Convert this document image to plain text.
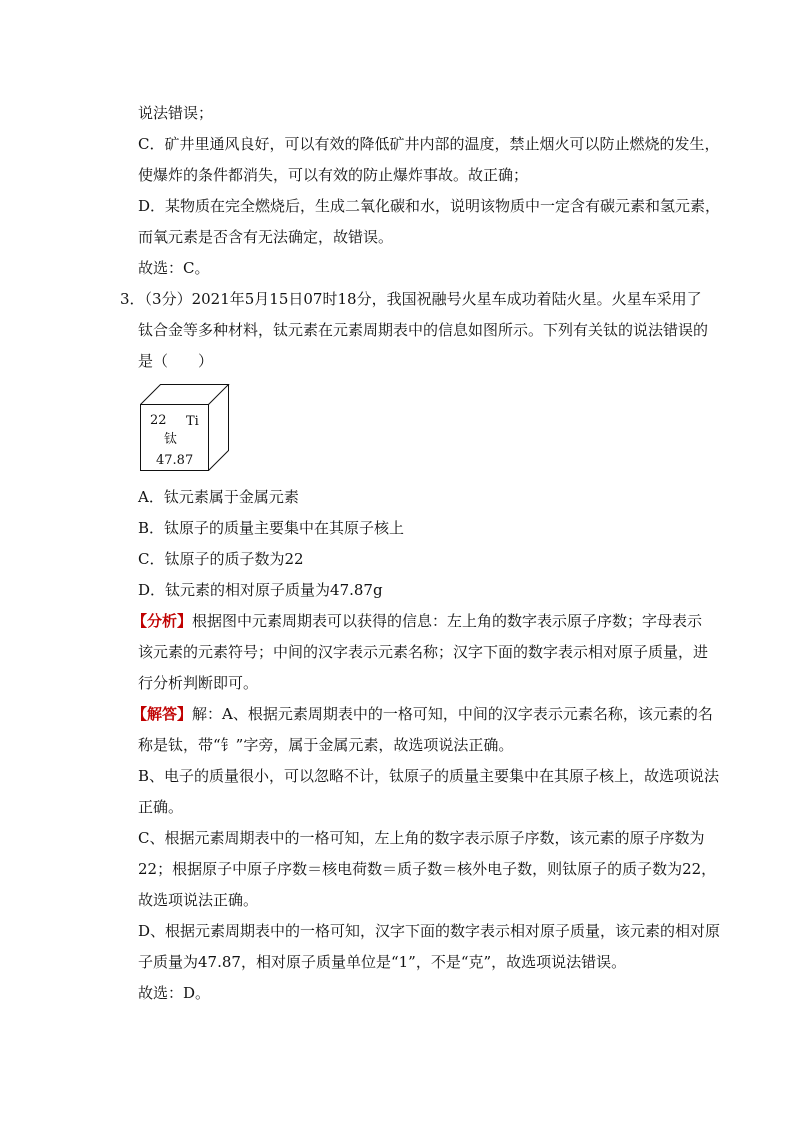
说法错误；
C．矿井里通风良好，可以有效的降低矿井内部的温度，禁止烟火可以防止燃烧的发生，
使爆炸的条件都消失，可以有效的防止爆炸事故。故正确；
D．某物质在完全燃烧后，生成二氧化碳和水，说明该物质中一定含有碳元素和氢元素，
而氧元素是否含有无法确定，故错误。
故选：C。
3．（3分）2021年5月15日07时18分，我国祝融号火星车成功着陆火星。火星车采用了
钛合金等多种材料，钛元素在元素周期表中的信息如图所示。下列有关钛的说法错误的
是（　　）
22 Ti
钛
47.87
A．钛元素属于金属元素
B．钛原子的质量主要集中在其原子核上
C．钛原子的质子数为22
D．钛元素的相对原子质量为47.87g
【分析】根据图中元素周期表可以获得的信息：左上角的数字表示原子序数；字母表示
该元素的元素符号；中间的汉字表示元素名称；汉字下面的数字表示相对原子质量，进
行分析判断即可。
【解答】解：A、根据元素周期表中的一格可知，中间的汉字表示元素名称，该元素的名
称是钛，带“钅”字旁，属于金属元素，故选项说法正确。
B、电子的质量很小，可以忽略不计，钛原子的质量主要集中在其原子核上，故选项说法
正确。
C、根据元素周期表中的一格可知，左上角的数字表示原子序数，该元素的原子序数为
22；根据原子中原子序数＝核电荷数＝质子数＝核外电子数，则钛原子的质子数为22，
故选项说法正确。
D、根据元素周期表中的一格可知，汉字下面的数字表示相对原子质量，该元素的相对原
子质量为47.87，相对原子质量单位是“1”，不是“克”，故选项说法错误。
故选：D。
